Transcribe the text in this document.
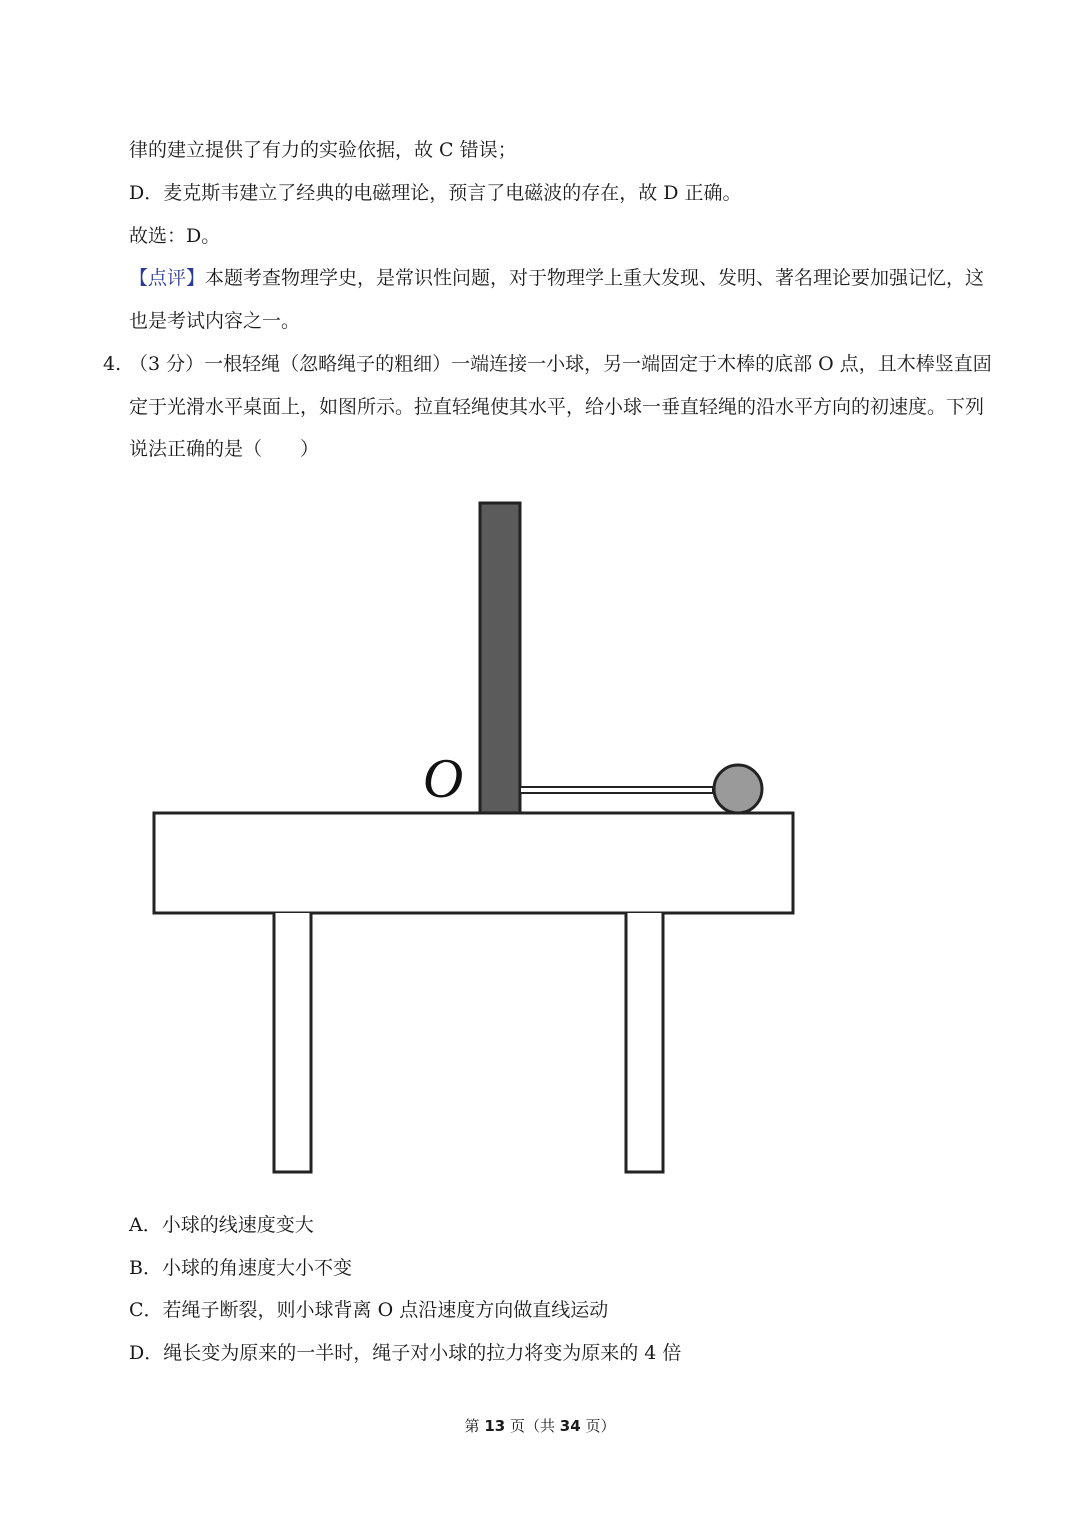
律的建立提供了有力的实验依据，故 C 错误；
D．麦克斯韦建立了经典的电磁理论，预言了电磁波的存在，故 D 正确。
故选：D。
【点评】本题考查物理学史，是常识性问题，对于物理学上重大发现、发明、著名理论要加强记忆，这
也是考试内容之一。
4. （3 分）一根轻绳（忽略绳子的粗细）一端连接一小球，另一端固定于木棒的底部 O 点，且木棒竖直固
定于光滑水平桌面上，如图所示。拉直轻绳使其水平，给小球一垂直轻绳的沿水平方向的初速度。下列
说法正确的是（　　）
O
A．小球的线速度变大
B．小球的角速度大小不变
C．若绳子断裂，则小球背离 O 点沿速度方向做直线运动
D．绳长变为原来的一半时，绳子对小球的拉力将变为原来的 4 倍
第 13 页（共 34 页）
